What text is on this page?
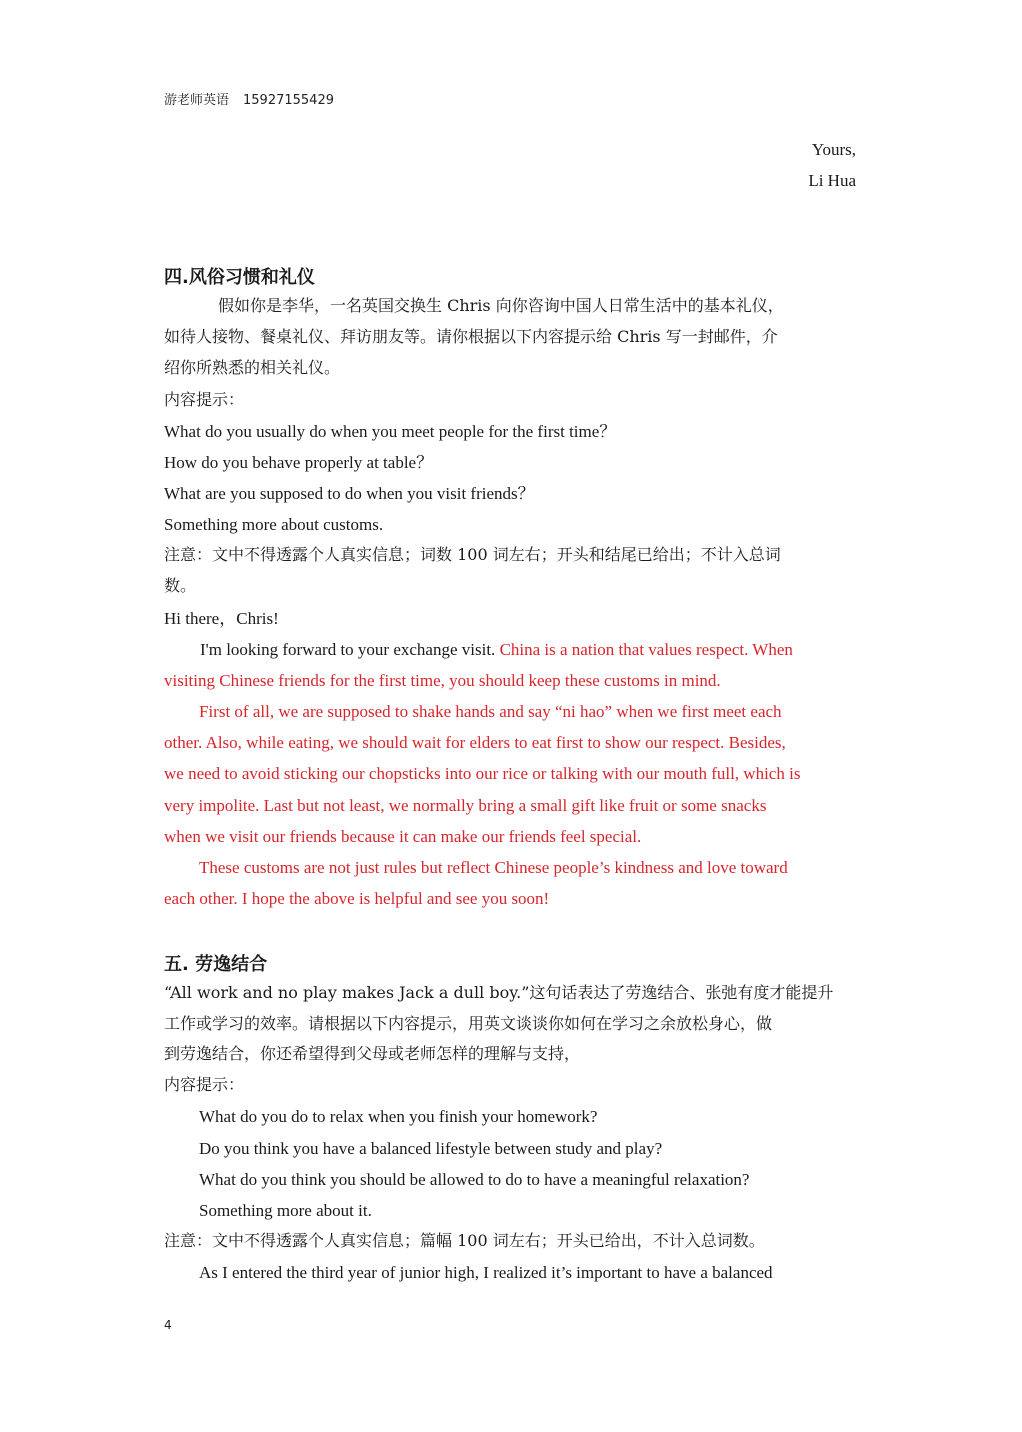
游老师英语 15927155429
Yours,
Li Hua
四.风俗习惯和礼仪
假如你是李华，一名英国交换生 Chris 向你咨询中国人日常生活中的基本礼仪，
如待人接物、餐桌礼仪、拜访朋友等。请你根据以下内容提示给 Chris 写一封邮件，介
绍你所熟悉的相关礼仪。
内容提示：
What do you usually do when you meet people for the first time？
How do you behave properly at table？
What are you supposed to do when you visit friends？
Something more about customs.
注意：文中不得透露个人真实信息；词数 100 词左右；开头和结尾已给出；不计入总词
数。
Hi there，Chris!
I'm looking forward to your exchange visit. China is a nation that values respect. When
visiting Chinese friends for the first time, you should keep these customs in mind.
First of all, we are supposed to shake hands and say “ni hao” when we first meet each
other. Also, while eating, we should wait for elders to eat first to show our respect. Besides,
we need to avoid sticking our chopsticks into our rice or talking with our mouth full, which is
very impolite. Last but not least, we normally bring a small gift like fruit or some snacks
when we visit our friends because it can make our friends feel special.
These customs are not just rules but reflect Chinese people’s kindness and love toward
each other. I hope the above is helpful and see you soon!
五. 劳逸结合
“All work and no play makes Jack a dull boy.”这句话表达了劳逸结合、张弛有度才能提升
工作或学习的效率。请根据以下内容提示，用英文谈谈你如何在学习之余放松身心，做
到劳逸结合，你还希望得到父母或老师怎样的理解与支持，
内容提示：
What do you do to relax when you finish your homework?
Do you think you have a balanced lifestyle between study and play?
What do you think you should be allowed to do to have a meaningful relaxation?
Something more about it.
注意：文中不得透露个人真实信息；篇幅 100 词左右；开头已给出，不计入总词数。
As I entered the third year of junior high, I realized it’s important to have a balanced
4
